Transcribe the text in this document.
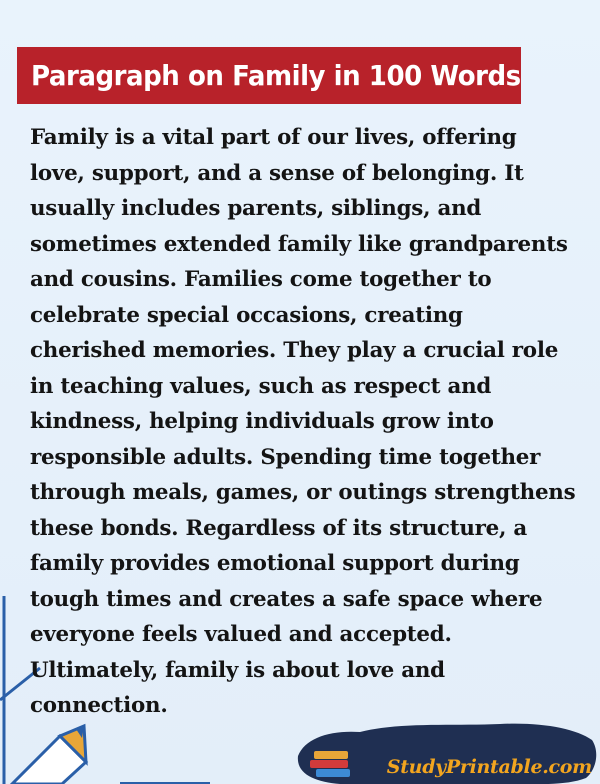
Paragraph on Family in 100 Words

Family is a vital part of our lives, offering love, support, and a sense of belonging. It usually includes parents, siblings, and sometimes extended family like grandparents and cousins. Families come together to celebrate special occasions, creating cherished memories. They play a crucial role in teaching values, such as respect and kindness, helping individuals grow into responsible adults. Spending time together through meals, games, or outings strengthens these bonds. Regardless of its structure, a family provides emotional support during tough times and creates a safe space where everyone feels valued and accepted. Ultimately, family is about love and connection.

StudyPrintable.com
